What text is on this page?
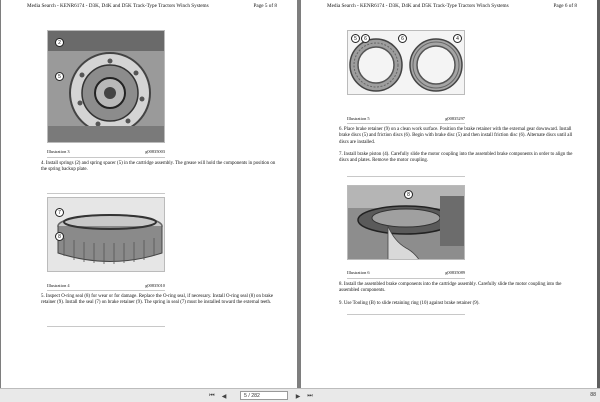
Media Search - KENR6174 - D3K, D4K and D5K Track-Type Tractors Winch Systems	Page 5 of 8
2
5
Illustration 3	g00835003
4. Install springs (2) and spring spacer (5) in the cartridge assembly. The grease will hold the components in position on the spring backup plate.
7
8
Illustration 4	g00835010
5. Inspect O-ring seal (8) for wear or for damage. Replace the O-ring seal, if necessary. Install O-ring seal (8) on brake retainer (9). Install the seal (7) on brake retainer (9). The spring in seal (7) must be installed toward the external teeth.
Media Search - KENR6174 - D3K, D4K and D5K Track-Type Tractors Winch Systems	Page 6 of 8
5	6	6	4
Illustration 5	g00835297
6. Place brake retainer (9) on a clean work surface. Position the brake retainer with the external gear downward. Install brake discs (5) and friction discs (6). Begin with brake disc (5) and then install friction disc (6). Alternate discs until all discs are installed.
7. Install brake piston (4). Carefully slide the motor coupling into the assembled brake components in order to align the discs and plates. Remove the motor coupling.
8
Illustration 6	g00835089
8. Install the assembled brake components into the cartridge assembly. Carefully slide the motor coupling into the assembled components.
9. Use Tooling (B) to slide retaining ring (10) against brake retainer (9).
⏮ ◀	5 / 282	▶ ⏭	88
